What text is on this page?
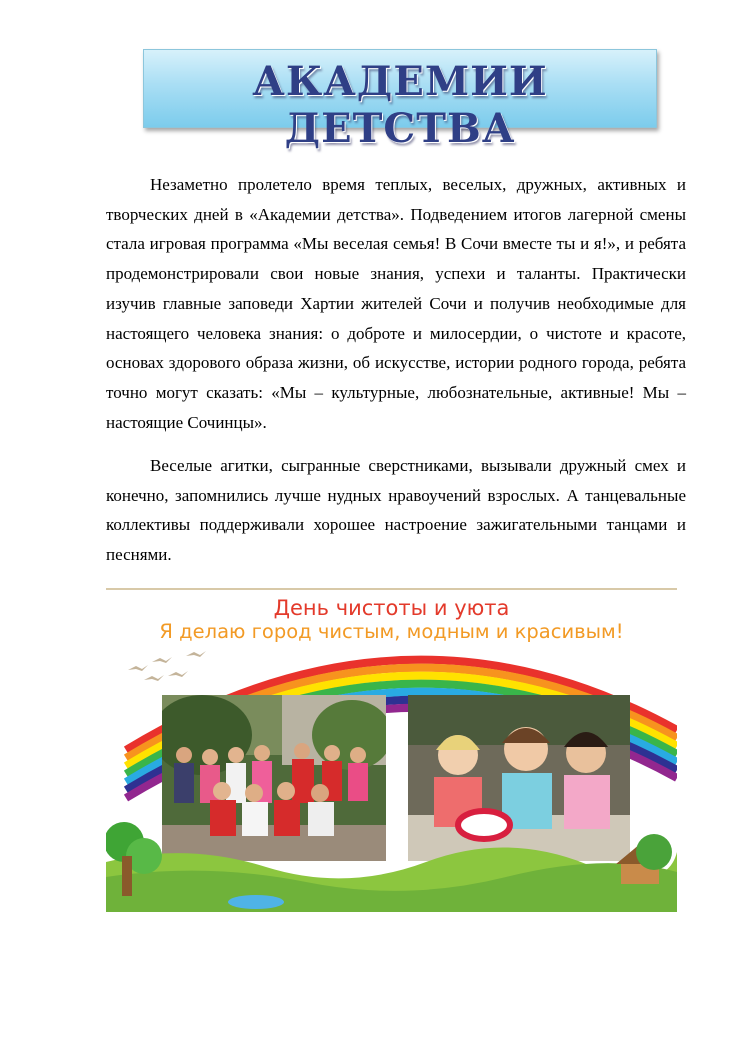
АКАДЕМИИ ДЕТСТВА

Незаметно пролетело время теплых, веселых, дружных, активных и творческих дней в «Академии детства». Подведением итогов лагерной смены стала игровая программа «Мы веселая семья! В Сочи вместе ты и я!», и ребята продемонстрировали свои новые знания, успехи и таланты. Практически изучив главные заповеди Хартии жителей Сочи и получив необходимые для настоящего человека знания: о доброте и милосердии, о чистоте и красоте, основах здорового образа жизни, об искусстве, истории родного города, ребята точно могут сказать: «Мы – культурные, любознательные, активные! Мы – настоящие Сочинцы».

Веселые агитки, сыгранные сверстниками, вызывали дружный смех и конечно, запомнились лучше нудных нравоучений взрослых. А танцевальные коллективы поддерживали хорошее настроение зажигательными танцами и песнями.

День чистоты и уюта
Я делаю город чистым, модным и красивым!
